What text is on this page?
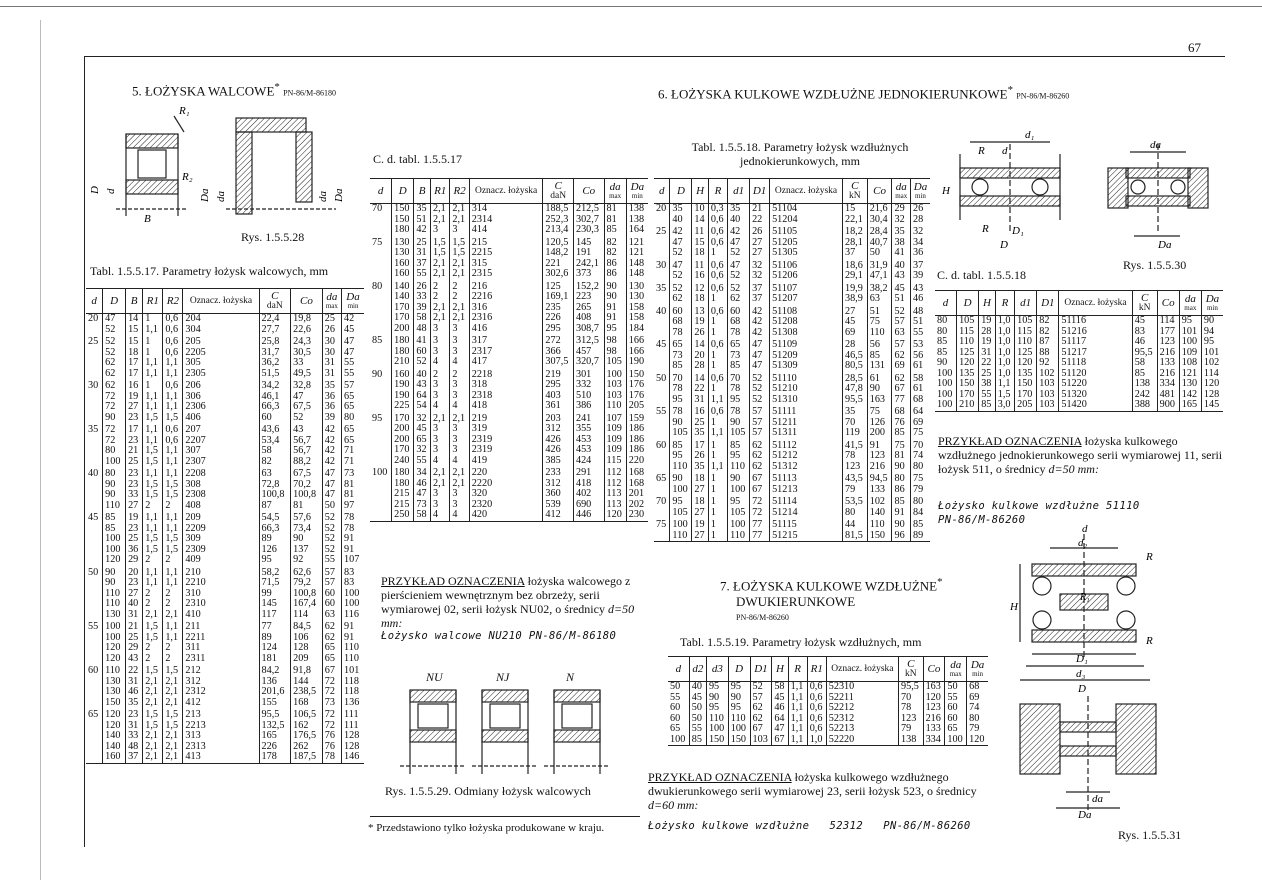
67
5. ŁOŻYSKA WALCOWE* PN-86/M-86180
R₁
R₂
B
D d	Da da	da Da
Rys. 1.5.5.28
Tabl. 1.5.5.17. Parametry łożysk walcowych, mm
d	D	B	R1	R2	Oznacz. łożyska	C
daN	Co	da
max	Da
min

20	47	14	1	0,6	204	22,4	19,8	25	42
	52	15	1,1	0,6	304	27,7	22,6	26	45
25	52	15	1	0,6	205	25,8	24,3	30	47
	52	18	1	0,6	2205	31,7	30,5	30	47
	62	17	1,1	1,1	305	36,2	33	31	55
	62	17	1,1	1,1	2305	51,5	49,5	31	55
30	62	16	1	0,6	206	34,2	32,8	35	57
	72	19	1,1	1,1	306	46,1	47	36	65
	72	27	1,1	1,1	2306	66,3	67,5	36	65
	90	23	1,5	1,5	406	60	52	39	80
35	72	17	1,1	0,6	207	43,6	43	42	65
	72	23	1,1	0,6	2207	53,4	56,7	42	65
	80	21	1,5	1,1	307	58	56,7	42	71
	100	25	1,5	1,1	2307	82	88,2	42	71
40	80	23	1,1	1,1	2208	63	67,5	47	73
	90	23	1,5	1,5	308	72,8	70,2	47	81
	90	33	1,5	1,5	2308	100,8	100,8	47	81
	110	27	2	2	408	87	81	50	97
45	85	19	1,1	1,1	209	54,5	57,6	52	78
	85	23	1,1	1,1	2209	66,3	73,4	52	78
	100	25	1,5	1,5	309	89	90	52	91
	100	36	1,5	1,5	2309	126	137	52	91
	120	29	2	2	409	95	92	55	107
50	90	20	1,1	1,1	210	58,2	62,6	57	83
	90	23	1,1	1,1	2210	71,5	79,2	57	83
	110	27	2	2	310	99	100,8	60	100
	110	40	2	2	2310	145	167,4	60	100
	130	31	2,1	2,1	410	117	114	63	116
55	100	21	1,5	1,1	211	77	84,5	62	91
	100	25	1,5	1,1	2211	89	106	62	91
	120	29	2	2	311	124	128	65	110
	120	43	2	2	2311	181	209	65	110
60	110	22	1,5	1,5	212	84,2	91,8	67	101
	130	31	2,1	2,1	312	136	144	72	118
	130	46	2,1	2,1	2312	201,6	238,5	72	118
	150	35	2,1	2,1	412	155	168	73	136
65	120	23	1,5	1,5	213	95,5	106,5	72	111
	120	31	1,5	1,5	2213	132,5	162	72	111
	140	33	2,1	2,1	313	165	176,5	76	128
	140	48	2,1	2,1	2313	226	262	76	128
	160	37	2,1	2,1	413	178	187,5	78	146
C. d. tabl. 1.5.5.17
d	D	B	R1	R2	Oznacz. łożyska	C
daN	Co	da
max	Da
min

70	150	35	2,1	2,1	314	188,5	212,5	81	138
	150	51	2,1	2,1	2314	252,3	302,7	81	138
	180	42	3	3	414	213,4	230,3	85	164
75	130	25	1,5	1,5	215	120,5	145	82	121
	130	31	1,5	1,5	2215	148,2	191	82	121
	160	37	2,1	2,1	315	221	242,1	86	148
	160	55	2,1	2,1	2315	302,6	373	86	148
80	140	26	2	2	216	125	152,2	90	130
	140	33	2	2	2216	169,1	223	90	130
	170	39	2,1	2,1	316	235	265	91	158
	170	58	2,1	2,1	2316	226	408	91	158
	200	48	3	3	416	295	308,7	95	184
85	180	41	3	3	317	272	312,5	98	166
	180	60	3	3	2317	366	457	98	166
	210	52	4	4	417	307,5	320,7	105	190
90	160	40	2	2	2218	219	301	100	150
	190	43	3	3	318	295	332	103	176
	190	64	3	3	2318	403	510	103	176
	225	54	4	4	418	361	386	110	205
95	170	32	2,1	2,1	219	203	241	107	159
	200	45	3	3	319	312	355	109	186
	200	65	3	3	2319	426	453	109	186
	170	32	3	3	2319	426	453	109	186
	240	55	4	4	419	385	424	115	220
100	180	34	2,1	2,1	220	233	291	112	168
	180	46	2,1	2,1	2220	312	418	112	168
	215	47	3	3	320	360	402	113	201
	215	73	3	3	2320	539	690	113	202
	250	58	4	4	420	412	446	120	230
PRZYKŁAD OZNACZENIA łożyska walcowego z pierścieniem wewnętrznym bez obrzeży, serii wymiarowej 02, serii łożysk NU02, o średnicy d=50 mm:
Łożysko walcowe NU210 PN-86/M-86180
NU	NJ	N
Rys. 1.5.5.29. Odmiany łożysk walcowych
* Przedstawiono tylko łożyska produkowane w kraju.
6. ŁOŻYSKA KULKOWE WZDŁUŻNE JEDNOKIERUNKOWE* PN-86/M-86260
Tabl. 1.5.5.18. Parametry łożysk wzdłużnych
jednokierunkowych, mm
d	D	H	R	d1	D1	Oznacz. łożyska	C
kN	Co	da
max	Da
min

20	35	10	0,3	35	21	51104	15	21,6	29	26
	40	14	0,6	40	22	51204	22,1	30,4	32	28
25	42	11	0,6	42	26	51105	18,2	28,4	35	32
	47	15	0,6	47	27	51205	28,1	40,7	38	34
	52	18	1	52	27	51305	37	50	41	36
30	47	11	0,6	47	32	51106	18,6	31,9	40	37
	52	16	0,6	52	32	51206	29,1	47,1	43	39
35	52	12	0,6	52	37	51107	19,9	38,2	45	43
	62	18	1	62	37	51207	38,9	63	51	46
40	60	13	0,6	60	42	51108	27	51	52	48
	68	19	1	68	42	51208	45	75	57	51
	78	26	1	78	42	51308	69	110	63	55
45	65	14	0,6	65	47	51109	28	56	57	53
	73	20	1	73	47	51209	46,5	85	62	56
	85	28	1	85	47	51309	80,5	131	69	61
50	70	14	0,6	70	52	51110	28,5	61	62	58
	78	22	1	78	52	51210	47,8	90	67	61
	95	31	1,1	95	52	51310	95,5	163	77	68
55	78	16	0,6	78	57	51111	35	75	68	64
	90	25	1	90	57	51211	70	126	76	69
	105	35	1,1	105	57	51311	119	200	85	75
60	85	17	1	85	62	51112	41,5	91	75	70
	95	26	1	95	62	51212	78	123	81	74
	110	35	1,1	110	62	51312	123	216	90	80
65	90	18	1	90	67	51113	43,5	94,5	80	75
	100	27	1	100	67	51213	79	133	86	79
70	95	18	1	95	72	51114	53,5	102	85	80
	105	27	1	105	72	51214	80	140	91	84
75	100	19	1	100	77	51115	44	110	90	85
	110	27	1	110	77	51215	81,5	150	96	89
d₁
R d
R D₁
D
H
da
Da
Rys. 1.5.5.30
C. d. tabl. 1.5.5.18
d	D	H	R	d1	D1	Oznacz. łożyska	C
kN	Co	da
max	Da
min

80	105	19	1,0	105	82	51116	45	114	95	90
80	115	28	1,0	115	82	51216	83	177	101	94
85	110	19	1,0	110	87	51117	46	123	100	95
85	125	31	1,0	125	88	51217	95,5	216	109	101
90	120	22	1,0	120	92	51118	58	133	108	102
100	135	25	1,0	135	102	51120	85	216	121	114
100	150	38	1,1	150	103	51220	138	334	130	120
100	170	55	1,5	170	103	51320	242	481	142	128
100	210	85	3,0	205	103	51420	388	900	165	145
PRZYKŁAD OZNACZENIA łożyska kulkowego wzdłużnego jednokierunkowego serii wymiarowej 11, serii łożysk 511, o średnicy d=50 mm:
Łożysko kulkowe wzdłużne 51110
PN-86/M-86260
d
d₂
R
R₁
R
D₁
d₃
D
H
da
Da
Rys. 1.5.5.31
7. ŁOŻYSKA KULKOWE WZDŁUŻNE*
DWUKIERUNKOWE
PN-86/M-86260
Tabl. 1.5.5.19. Parametry łożysk wzdłużnych, mm
d	d2	d3	D	D1	H	R	R1	Oznacz. łożyska	C
kN	Co	da
max	Da
min

50	40	95	95	52	58	1,1	0,6	52310	95,5	163	50	68
55	45	90	90	57	45	1,1	0,6	52211	70	120	55	69
60	50	95	95	62	46	1,1	0,6	52212	78	123	60	74
60	50	110	110	62	64	1,1	0,6	52312	123	216	60	80
65	55	100	100	67	47	1,1	0,6	52213	79	133	65	79
100	85	150	150	103	67	1,1	1,0	52220	138	334	100	120
PRZYKŁAD OZNACZENIA łożyska kulkowego wzdłużnego dwukierunkowego serii wymiarowej 23, serii łożysk 523, o średnicy d=60 mm:
Łożysko kulkowe wzdłużne   52312   PN-86/M-86260
